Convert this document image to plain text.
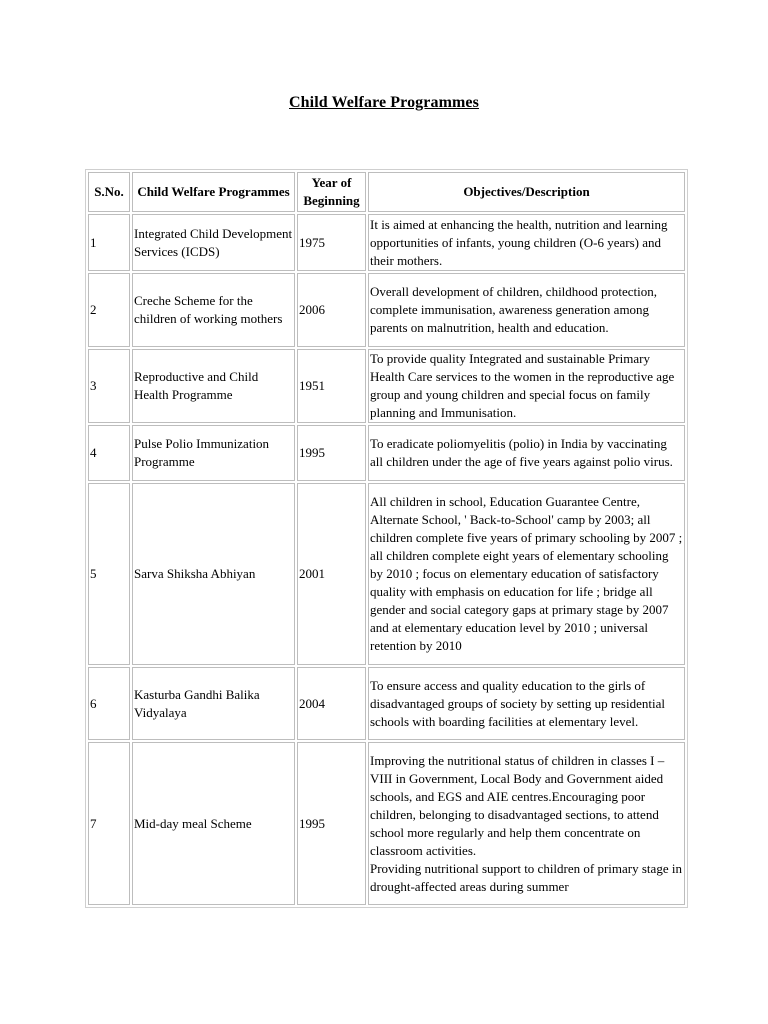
Child Welfare Programmes
S.No.	Child Welfare Programmes	Year of Beginning	Objectives/Description
1	Integrated Child Development Services (ICDS)	1975	It is aimed at enhancing the health, nutrition and learning opportunities of infants, young children (O-6 years) and their mothers.
2	Creche Scheme for the children of working mothers	2006	Overall development of children, childhood protection, complete immunisation, awareness generation among parents on malnutrition, health and education.
3	Reproductive and Child Health Programme	1951	To provide quality Integrated and sustainable Primary Health Care services to the women in the reproductive age group and young children and special focus on family planning and Immunisation.
4	Pulse Polio Immunization Programme	1995	To eradicate poliomyelitis (polio) in India by vaccinating all children under the age of five years against polio virus.
5	Sarva Shiksha Abhiyan	2001	All children in school, Education Guarantee Centre, Alternate School, ' Back-to-School' camp by 2003; all children complete five years of primary schooling by 2007 ; all children complete eight years of elementary schooling by 2010 ; focus on elementary education of satisfactory quality with emphasis on education for life ; bridge all gender and social category gaps at primary stage by 2007 and at elementary education level by 2010 ; universal retention by 2010
6	Kasturba Gandhi Balika Vidyalaya	2004	To ensure access and quality education to the girls of disadvantaged groups of society by setting up residential schools with boarding facilities at elementary level.
7	Mid-day meal Scheme	1995	Improving the nutritional status of children in classes I – VIII in Government, Local Body and Government aided schools, and EGS and AIE centres.Encouraging poor children, belonging to disadvantaged sections, to attend school more regularly and help them concentrate on classroom activities.
Providing nutritional support to children of primary stage in drought-affected areas during summer
